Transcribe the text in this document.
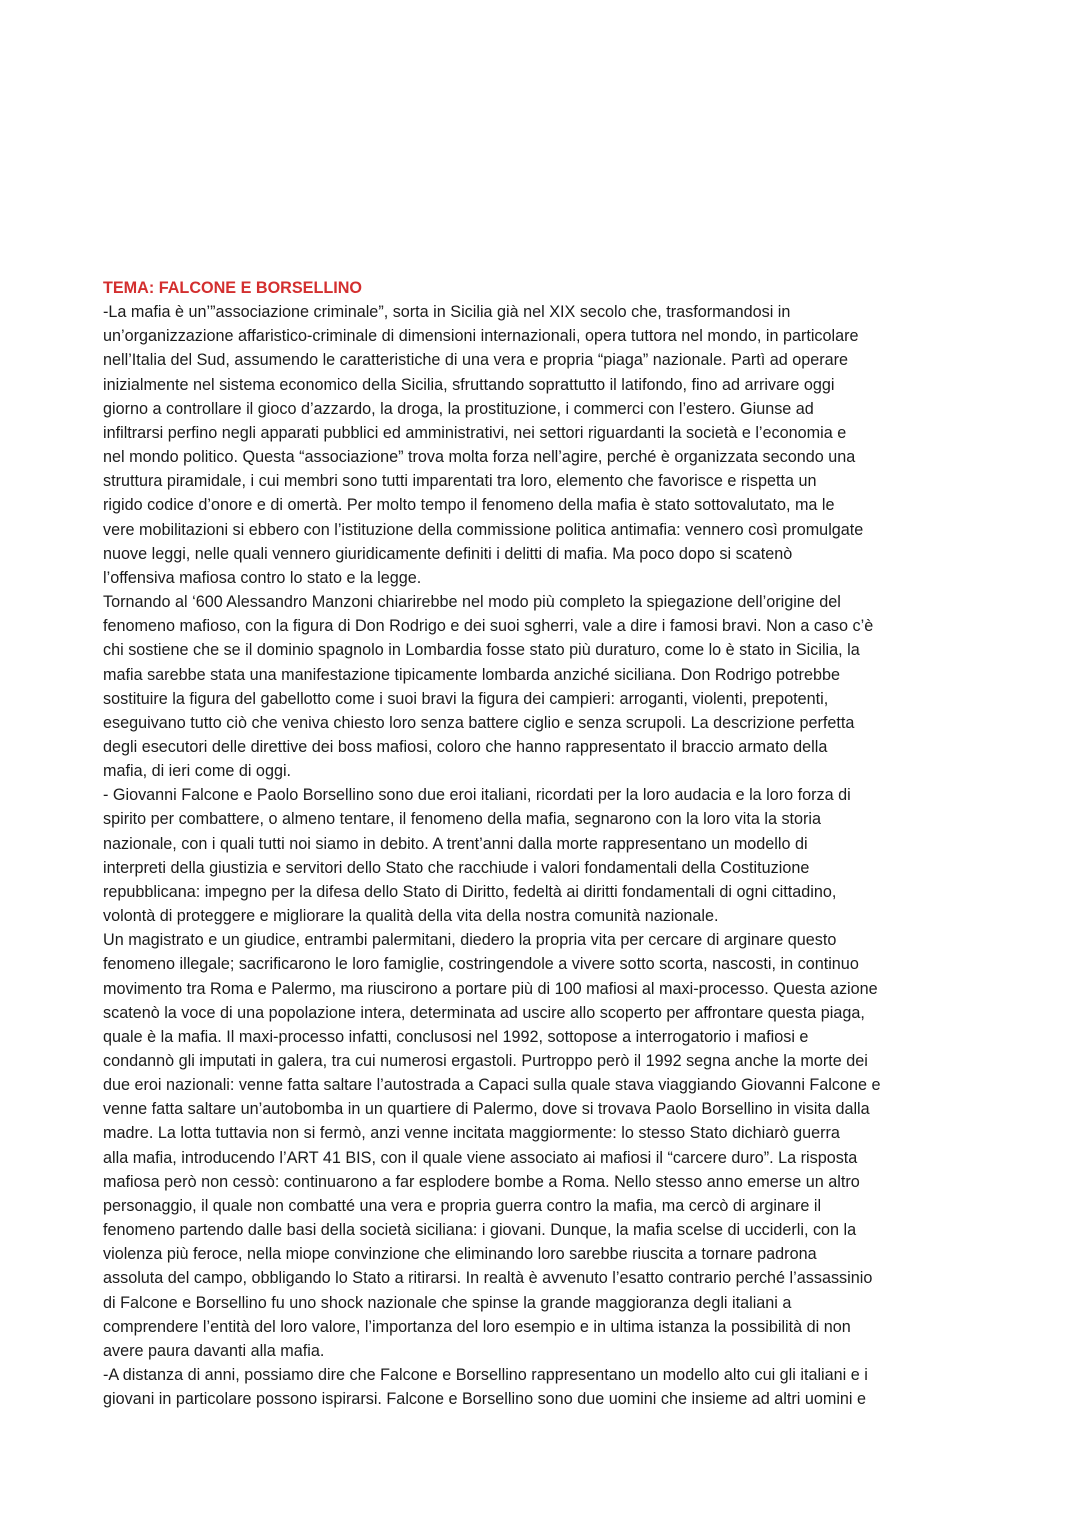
TEMA: FALCONE E BORSELLINO
-La mafia è un’”associazione criminale”, sorta in Sicilia già nel XIX secolo che, trasformandosi in
un’organizzazione affaristico-criminale di dimensioni internazionali, opera tuttora nel mondo, in particolare
nell’Italia del Sud, assumendo le caratteristiche di una vera e propria “piaga” nazionale. Partì ad operare
inizialmente nel sistema economico della Sicilia, sfruttando soprattutto il latifondo, fino ad arrivare oggi
giorno a controllare il gioco d’azzardo, la droga, la prostituzione, i commerci con l’estero. Giunse ad
infiltrarsi perfino negli apparati pubblici ed amministrativi, nei settori riguardanti la società e l’economia e
nel mondo politico. Questa “associazione” trova molta forza nell’agire, perché è organizzata secondo una
struttura piramidale, i cui membri sono tutti imparentati tra loro, elemento che favorisce e rispetta un
rigido codice d’onore e di omertà. Per molto tempo il fenomeno della mafia è stato sottovalutato, ma le
vere mobilitazioni si ebbero con l’istituzione della commissione politica antimafia: vennero così promulgate
nuove leggi, nelle quali vennero giuridicamente definiti i delitti di mafia. Ma poco dopo si scatenò
l’offensiva mafiosa contro lo stato e la legge.
Tornando al ‘600 Alessandro Manzoni chiarirebbe nel modo più completo la spiegazione dell’origine del
fenomeno mafioso, con la figura di Don Rodrigo e dei suoi sgherri, vale a dire i famosi bravi. Non a caso c’è
chi sostiene che se il dominio spagnolo in Lombardia fosse stato più duraturo, come lo è stato in Sicilia, la
mafia sarebbe stata una manifestazione tipicamente lombarda anziché siciliana. Don Rodrigo potrebbe
sostituire la figura del gabellotto come i suoi bravi la figura dei campieri: arroganti, violenti, prepotenti,
eseguivano tutto ciò che veniva chiesto loro senza battere ciglio e senza scrupoli. La descrizione perfetta
degli esecutori delle direttive dei boss mafiosi, coloro che hanno rappresentato il braccio armato della
mafia, di ieri come di oggi.
- Giovanni Falcone e Paolo Borsellino sono due eroi italiani, ricordati per la loro audacia e la loro forza di
spirito per combattere, o almeno tentare, il fenomeno della mafia, segnarono con la loro vita la storia
nazionale, con i quali tutti noi siamo in debito. A trent’anni dalla morte rappresentano un modello di
interpreti della giustizia e servitori dello Stato che racchiude i valori fondamentali della Costituzione
repubblicana: impegno per la difesa dello Stato di Diritto, fedeltà ai diritti fondamentali di ogni cittadino,
volontà di proteggere e migliorare la qualità della vita della nostra comunità nazionale.
Un magistrato e un giudice, entrambi palermitani, diedero la propria vita per cercare di arginare questo
fenomeno illegale; sacrificarono le loro famiglie, costringendole a vivere sotto scorta, nascosti, in continuo
movimento tra Roma e Palermo, ma riuscirono a portare più di 100 mafiosi al maxi-processo. Questa azione
scatenò la voce di una popolazione intera, determinata ad uscire allo scoperto per affrontare questa piaga,
quale è la mafia. Il maxi-processo infatti, conclusosi nel 1992, sottopose a interrogatorio i mafiosi e
condannò gli imputati in galera, tra cui numerosi ergastoli. Purtroppo però il 1992 segna anche la morte dei
due eroi nazionali: venne fatta saltare l’autostrada a Capaci sulla quale stava viaggiando Giovanni Falcone e
venne fatta saltare un’autobomba in un quartiere di Palermo, dove si trovava Paolo Borsellino in visita dalla
madre. La lotta tuttavia non si fermò, anzi venne incitata maggiormente: lo stesso Stato dichiarò guerra
alla mafia, introducendo l’ART 41 BIS, con il quale viene associato ai mafiosi il “carcere duro”. La risposta
mafiosa però non cessò: continuarono a far esplodere bombe a Roma. Nello stesso anno emerse un altro
personaggio, il quale non combatté una vera e propria guerra contro la mafia, ma cercò di arginare il
fenomeno partendo dalle basi della società siciliana: i giovani. Dunque, la mafia scelse di ucciderli, con la
violenza più feroce, nella miope convinzione che eliminando loro sarebbe riuscita a tornare padrona
assoluta del campo, obbligando lo Stato a ritirarsi. In realtà è avvenuto l’esatto contrario perché l’assassinio
di Falcone e Borsellino fu uno shock nazionale che spinse la grande maggioranza degli italiani a
comprendere l’entità del loro valore, l’importanza del loro esempio e in ultima istanza la possibilità di non
avere paura davanti alla mafia.
-A distanza di anni, possiamo dire che Falcone e Borsellino rappresentano un modello alto cui gli italiani e i
giovani in particolare possono ispirarsi. Falcone e Borsellino sono due uomini che insieme ad altri uomini e
